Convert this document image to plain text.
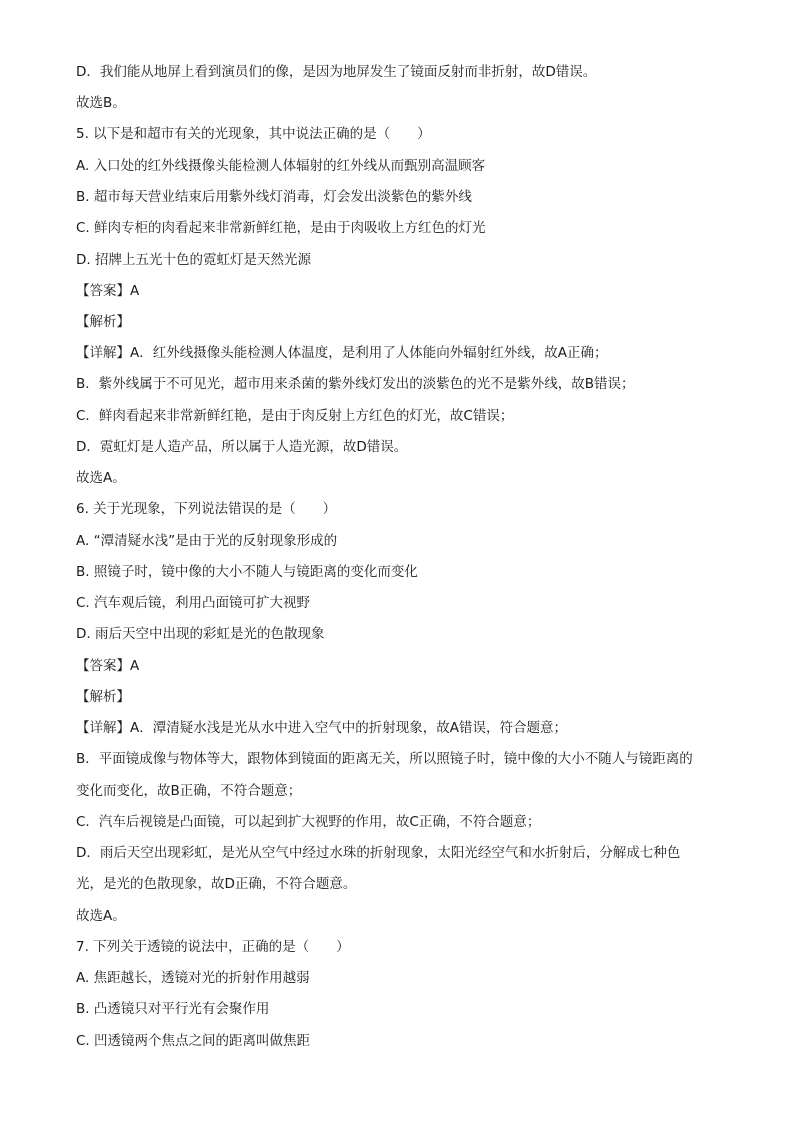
D．我们能从地屏上看到演员们的像，是因为地屏发生了镜面反射而非折射，故D错误。
故选B。
5. 以下是和超市有关的光现象，其中说法正确的是（　　）
A. 入口处的红外线摄像头能检测人体辐射的红外线从而甄别高温顾客
B. 超市每天营业结束后用紫外线灯消毒，灯会发出淡紫色的紫外线
C. 鲜肉专柜的肉看起来非常新鲜红艳，是由于肉吸收上方红色的灯光
D. 招牌上五光十色的霓虹灯是天然光源
【答案】A
【解析】
【详解】A．红外线摄像头能检测人体温度，是利用了人体能向外辐射红外线，故A正确；
B．紫外线属于不可见光，超市用来杀菌的紫外线灯发出的淡紫色的光不是紫外线，故B错误；
C．鲜肉看起来非常新鲜红艳，是由于肉反射上方红色的灯光，故C错误；
D．霓虹灯是人造产品，所以属于人造光源，故D错误。
故选A。
6. 关于光现象，下列说法错误的是（　　）
A. “潭清疑水浅”是由于光的反射现象形成的
B. 照镜子时，镜中像的大小不随人与镜距离的变化而变化
C. 汽车观后镜，利用凸面镜可扩大视野
D. 雨后天空中出现的彩虹是光的色散现象
【答案】A
【解析】
【详解】A．潭清疑水浅是光从水中进入空气中的折射现象，故A错误，符合题意；
B．平面镜成像与物体等大，跟物体到镜面的距离无关，所以照镜子时，镜中像的大小不随人与镜距离的
变化而变化，故B正确，不符合题意；
C．汽车后视镜是凸面镜，可以起到扩大视野的作用，故C正确，不符合题意；
D．雨后天空出现彩虹，是光从空气中经过水珠的折射现象，太阳光经空气和水折射后，分解成七种色
光，是光的色散现象，故D正确，不符合题意。
故选A。
7. 下列关于透镜的说法中，正确的是（　　）
A. 焦距越长，透镜对光的折射作用越弱
B. 凸透镜只对平行光有会聚作用
C. 凹透镜两个焦点之间的距离叫做焦距
